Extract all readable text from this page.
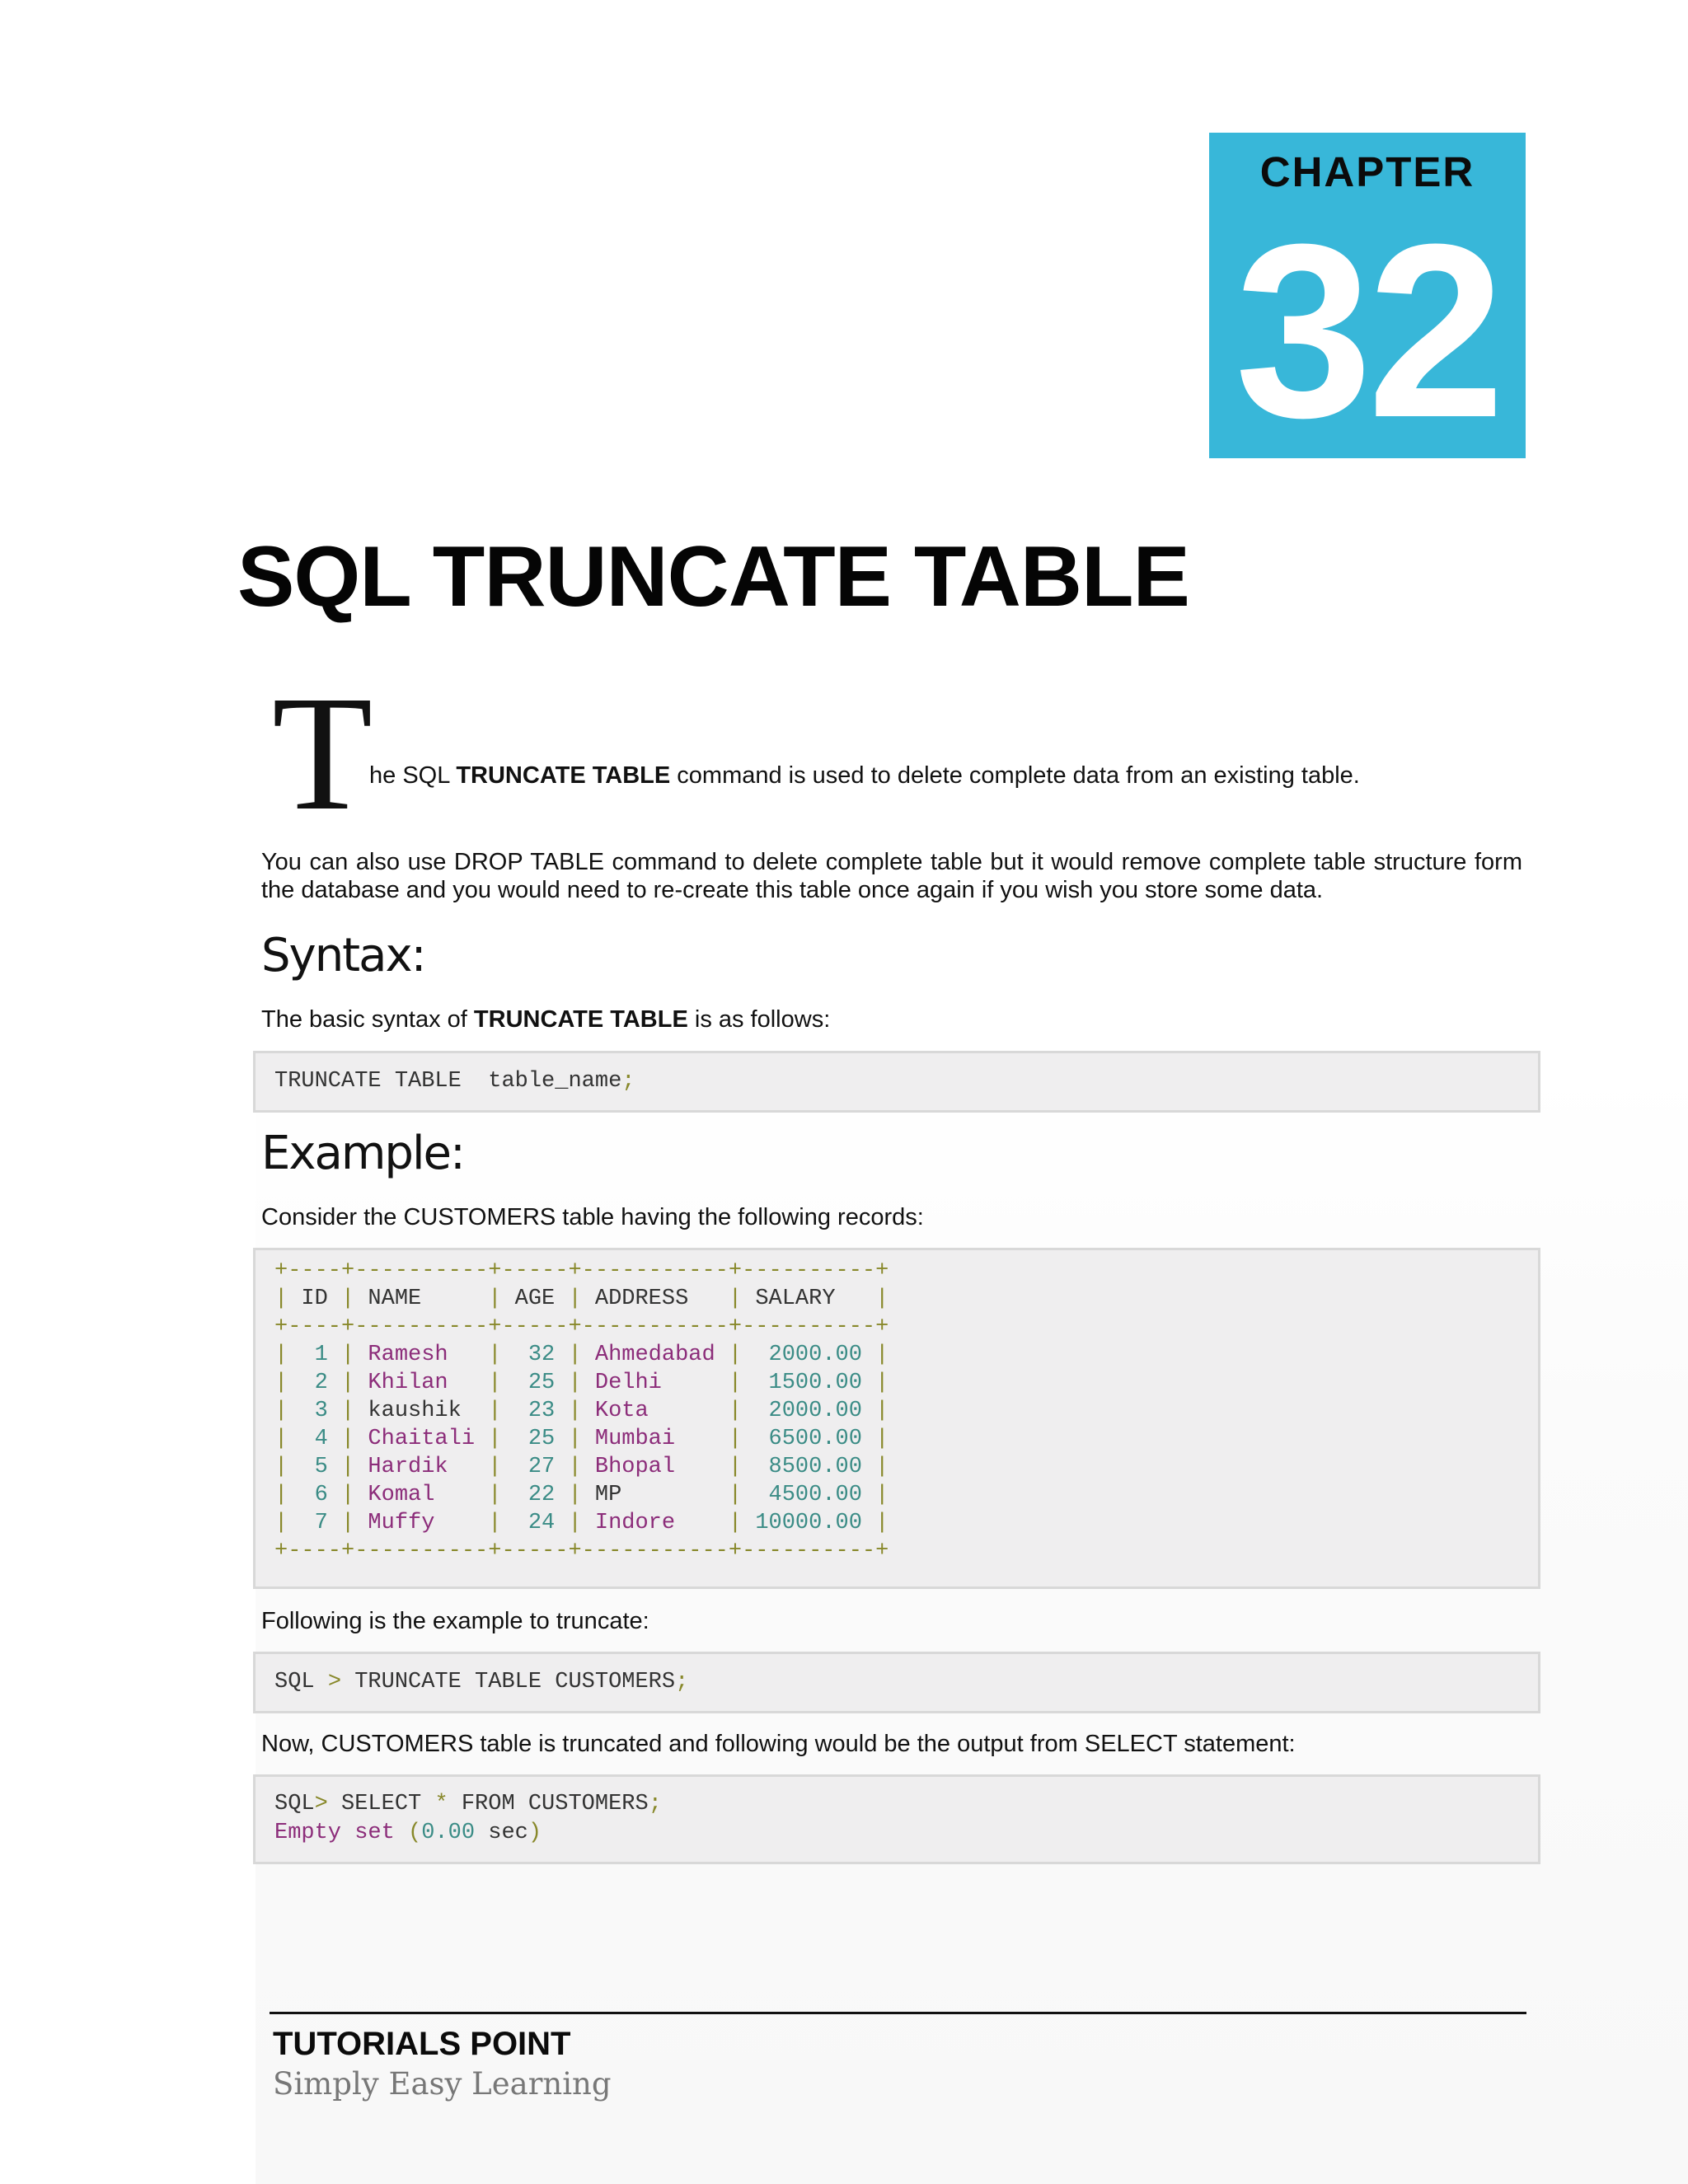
CHAPTER
32
SQL TRUNCATE TABLE
T
he SQL TRUNCATE TABLE command is used to delete complete data from an existing table.

You can also use DROP TABLE command to delete complete table but it would remove complete table structure form the database and you would need to re-create this table once again if you wish you store some data.

Syntax:

The basic syntax of TRUNCATE TABLE is as follows:

TRUNCATE TABLE  table_name;
Example:

Consider the CUSTOMERS table having the following records:

+----+----------+-----+-----------+----------+
| ID | NAME     | AGE | ADDRESS   | SALARY   |
+----+----------+-----+-----------+----------+
|  1 | Ramesh   |  32 | Ahmedabad |  2000.00 |
|  2 | Khilan   |  25 | Delhi     |  1500.00 |
|  3 | kaushik  |  23 | Kota      |  2000.00 |
|  4 | Chaitali |  25 | Mumbai    |  6500.00 |
|  5 | Hardik   |  27 | Bhopal    |  8500.00 |
|  6 | Komal    |  22 | MP        |  4500.00 |
|  7 | Muffy    |  24 | Indore    | 10000.00 |
+----+----------+-----+-----------+----------+

Following is the example to truncate:

SQL > TRUNCATE TABLE CUSTOMERS;

Now, CUSTOMERS table is truncated and following would be the output from SELECT statement:

SQL> SELECT * FROM CUSTOMERS;
Empty set (0.00 sec)
TUTORIALS POINT
Simply Easy Learning
